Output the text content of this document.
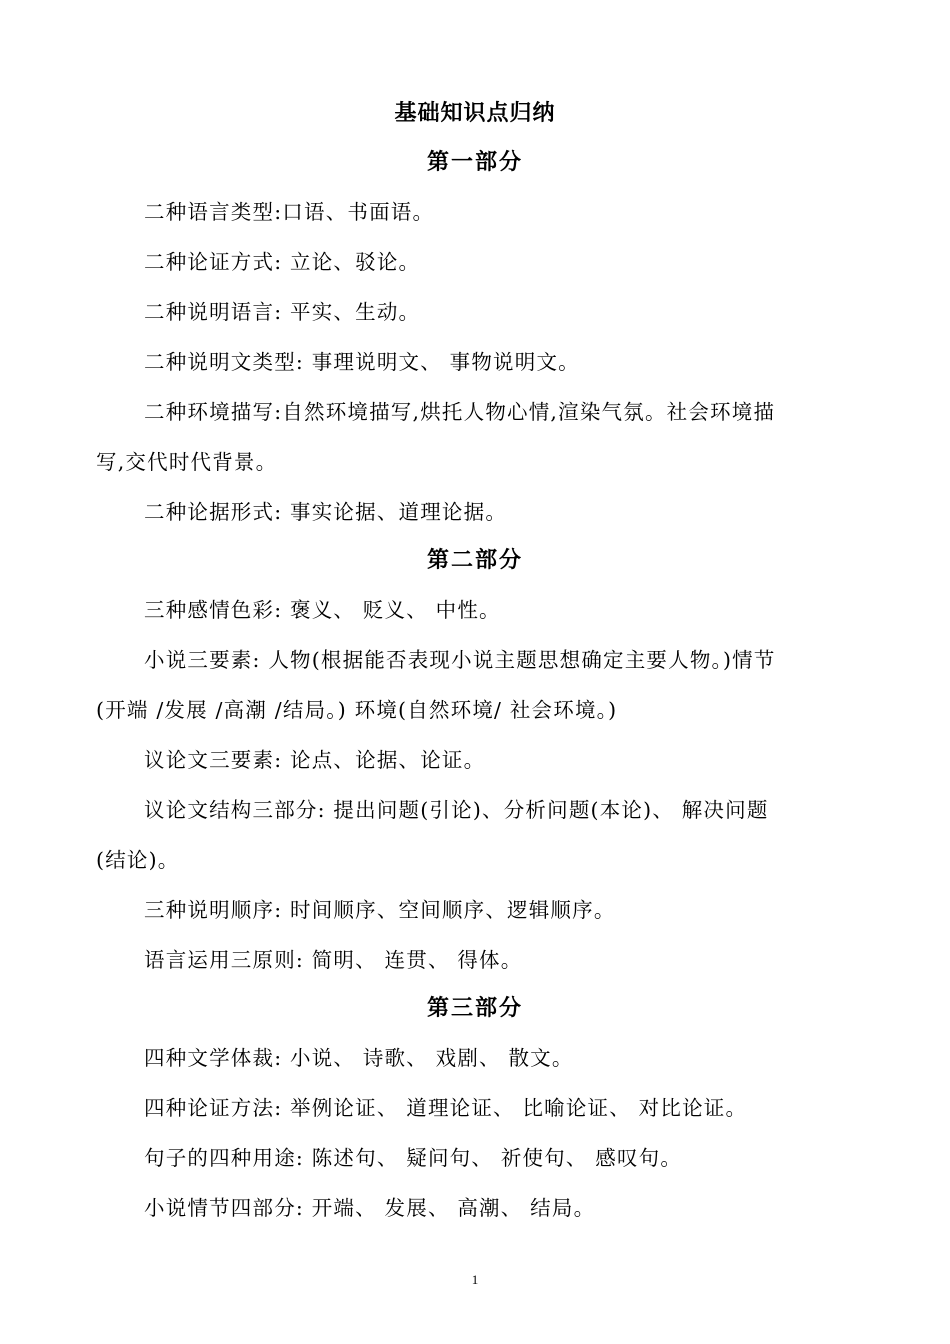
基础知识点归纳
第一部分
二种语言类型:口语、书面语。
二种论证方式: 立论、驳论。
二种说明语言: 平实、生动。
二种说明文类型: 事理说明文、 事物说明文。
二种环境描写:自然环境描写,烘托人物心情,渲染气氛。社会环境描
写,交代时代背景。
二种论据形式: 事实论据、道理论据。
第二部分
三种感情色彩: 褒义、 贬义、 中性。
小说三要素: 人物(根据能否表现小说主题思想确定主要人物。)情节
(开端 /发展 /高潮 /结局。) 环境(自然环境/ 社会环境。)
议论文三要素: 论点、论据、论证。
议论文结构三部分: 提出问题(引论)、分析问题(本论)、 解决问题
(结论)。
三种说明顺序: 时间顺序、空间顺序、逻辑顺序。
语言运用三原则: 简明、 连贯、 得体。
第三部分
四种文学体裁: 小说、 诗歌、 戏剧、 散文。
四种论证方法: 举例论证、 道理论证、 比喻论证、 对比论证。
句子的四种用途: 陈述句、 疑问句、 祈使句、 感叹句。
小说情节四部分: 开端、 发展、 高潮、 结局。
1
